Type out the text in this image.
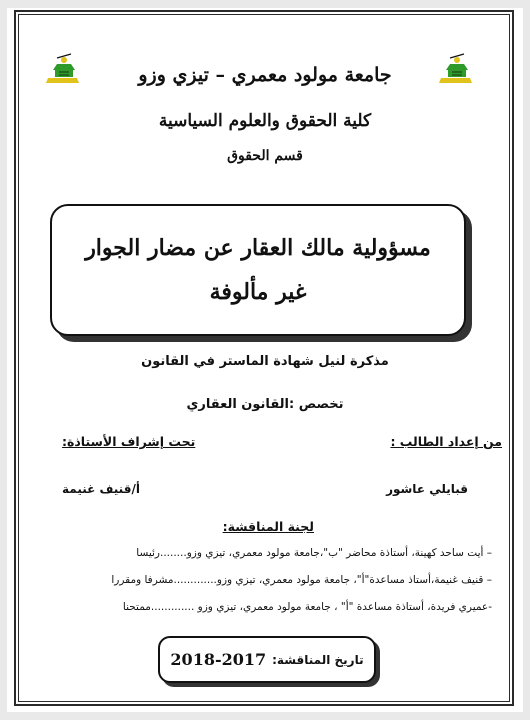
جامعة مولود معمري – تيزي وزو
كلية الحقوق والعلوم السياسية
قسم الحقوق
مسؤولية مالك العقار عن مضار الجوار
غير مألوفة
مذكرة لنيل شهادة الماستر في القانون
تخصص :القانون العقاري
من إعداد الطالب :
تحت إشراف الأستاذة:
قبايلي عاشور
أ/قنيف غنيمة
لجنة المناقشة:
– أيت ساحد كهينة، أستاذة محاضر "ب"،جامعة مولود معمري، تيزي وزو........رئيسا
– قنيف غنيمة،أستاذ مساعدة"أ"، جامعة مولود معمري، تيزي وزو.............مشرفا ومقررا
-عميري فريدة، أستاذة مساعدة "أ" ، جامعة مولود معمري، تيزي وزو .............ممتحنا
تاريخ المناقشة:
2018-2017
